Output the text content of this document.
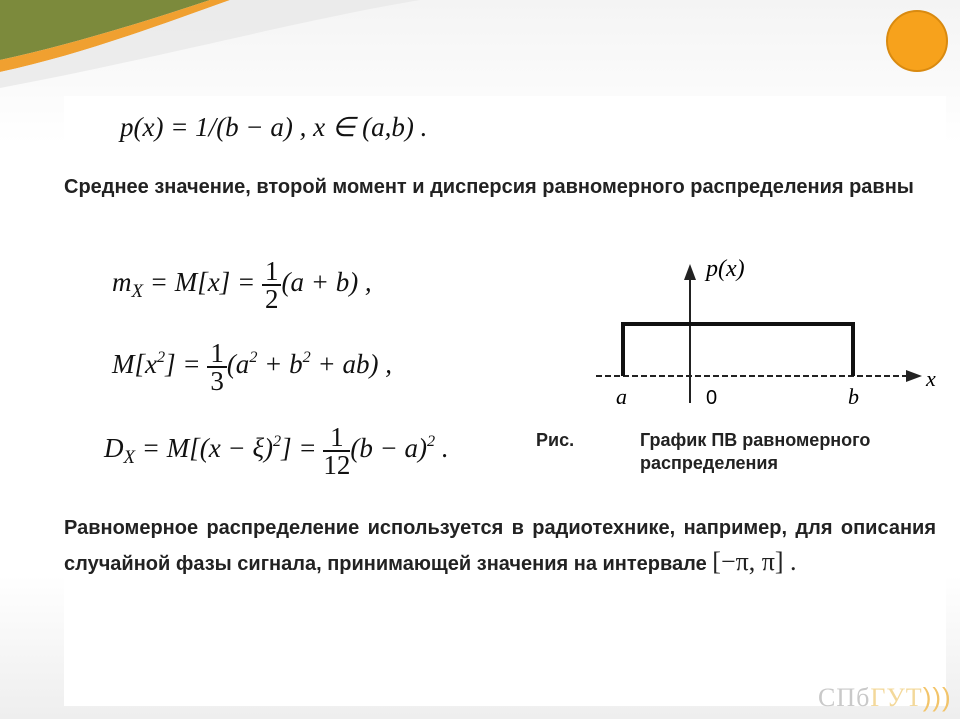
p(x) = 1/(b − a) , x ∈ (a,b) .
Среднее значение, второй момент и дисперсия равномерного распределения равны
$m_X = M[x] = \frac{1}{2} (a + b)$ ,
$M[x^2] = \frac{1}{3} (a^2 + b^2 + ab)$ ,
$D_X = M[(x - \xi)^2] = \frac{1}{12} (b - a)^2$ .
p(x)
x
a	0	b
Рис.	График ПВ равномерного
распределения
Равномерное распределение используется в радиотехнике, например, для описания случайной фазы сигнала, принимающей значения на интервале [−π, π] .
СПбГУТ)))
